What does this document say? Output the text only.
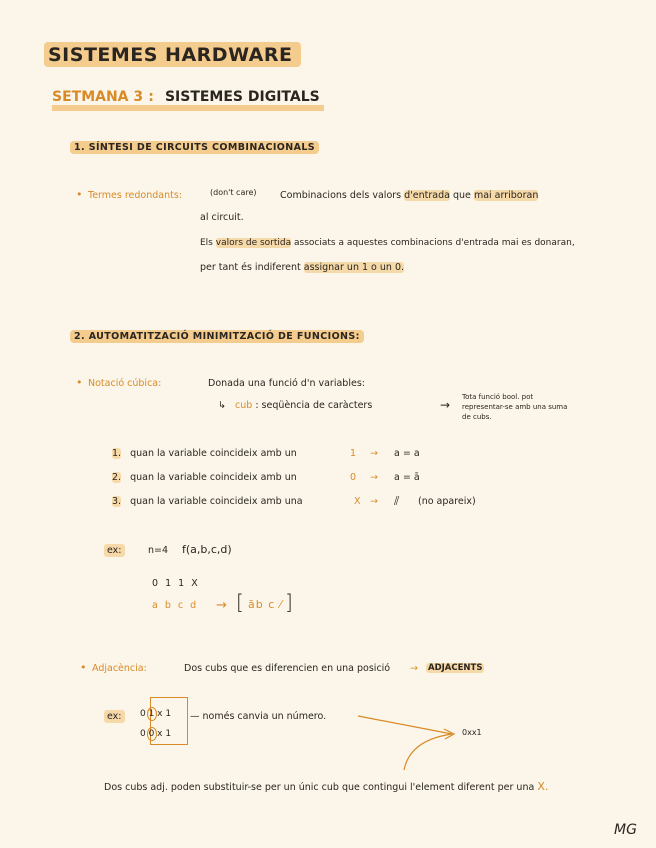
SISTEMES HARDWARE
SETMANA 3 : SISTEMES DIGITALS
1. SÍNTESI DE CIRCUITS COMBINACIONALS
• Termes redondants:	(don't care) Combinacions dels valors d'entrada que mai arriboran
al circuit.
Els valors de sortida associats a aquestes combinacions d'entrada mai es donaran,
per tant és indiferent assignar un 1 o un 0.
2. AUTOMATITZACIÓ MINIMITZACIÓ DE FUNCIONS:
• Notació cúbica:	Donada una funció d'n variables:
↳ cub : seqüència de caràcters	→
Tota funció bool. pot
representar-se amb una suma
de cubs.
1. quan la variable coincideix amb un	1 → a = a
2. quan la variable coincideix amb un	0 → a = ā
3. quan la variable coincideix amb una	X → ⫽ (no apareix)
ex:	n=4 f(a,b,c,d)
0 1 1 X
a b c d → [ āb c ⁄ ]
• Adjacència:	Dos cubs que es diferencien en una posició → ADJACENTS
ex:	0 1 x 1
0 0 x 1
— només canvia un número.
0xx1
Dos cubs adj. poden substituir-se per un únic cub que contingui l'element diferent per una X.
MG
